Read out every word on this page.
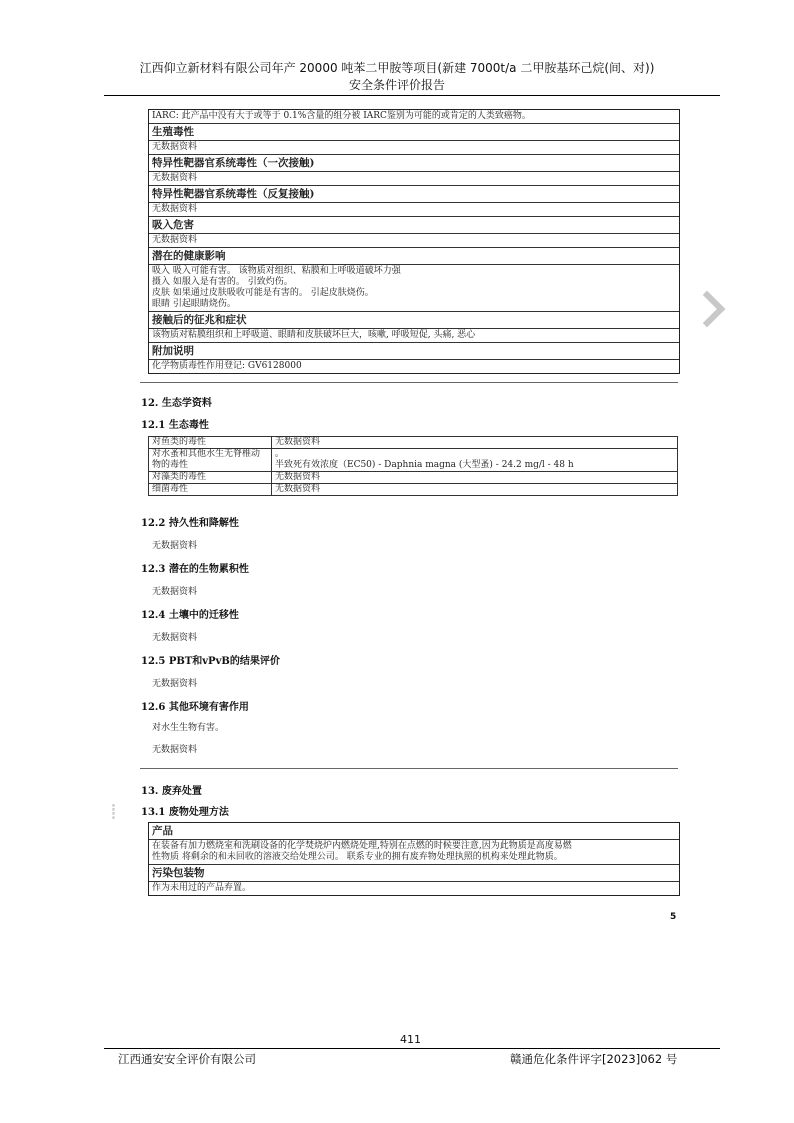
江西仰立新材料有限公司年产 20000 吨苯二甲胺等项目(新建 7000t/a 二甲胺基环己烷(间、对))
安全条件评价报告
IARC: 此产品中没有大于或等于 0.1%含量的组分被 IARC鉴别为可能的或肯定的人类致癌物。
生殖毒性
无数据资料
特异性靶器官系统毒性（一次接触)
无数据资料
特异性靶器官系统毒性（反复接触)
无数据资料
吸入危害
无数据资料
潜在的健康影响
吸入 吸入可能有害。 该物质对组织、粘膜和上呼吸道破坏力强
摄入 如服入是有害的。 引致灼伤。
皮肤 如果通过皮肤吸收可能是有害的。 引起皮肤烧伤。
眼睛 引起眼睛烧伤。
接触后的征兆和症状
该物质对粘膜组织和上呼吸道、眼睛和皮肤破坏巨大，咳嗽, 呼吸短促, 头痛, 恶心
附加说明
化学物质毒性作用登记: GV6128000
12. 生态学资料
12.1 生态毒性
对鱼类的毒性	无数据资料
对水蚤和其他水生无脊椎动物的毒性	。
半致死有效浓度（EC50) - Daphnia magna (大型蚤) - 24.2 mg/l - 48 h

对藻类的毒性	无数据资料
细菌毒性	无数据资料
12.2 持久性和降解性
无数据资料
12.3 潜在的生物累积性
无数据资料
12.4 土壤中的迁移性
无数据资料
12.5 PBT和vPvB的结果评价
无数据资料
12.6 其他环境有害作用
对水生生物有害。
无数据资料
13. 废弃处置
13.1 废物处理方法
⁞
产品
在装备有加力燃烧室和洗刷设备的化学焚烧炉内燃烧处理,特别在点燃的时候要注意,因为此物质是高度易燃
性物质 将剩余的和未回收的溶液交给处理公司。 联系专业的拥有废弃物处理执照的机构来处理此物质。
污染包装物
作为未用过的产品弃置。
5
411
江西通安安全评价有限公司	赣通危化条件评字[2023]062 号
